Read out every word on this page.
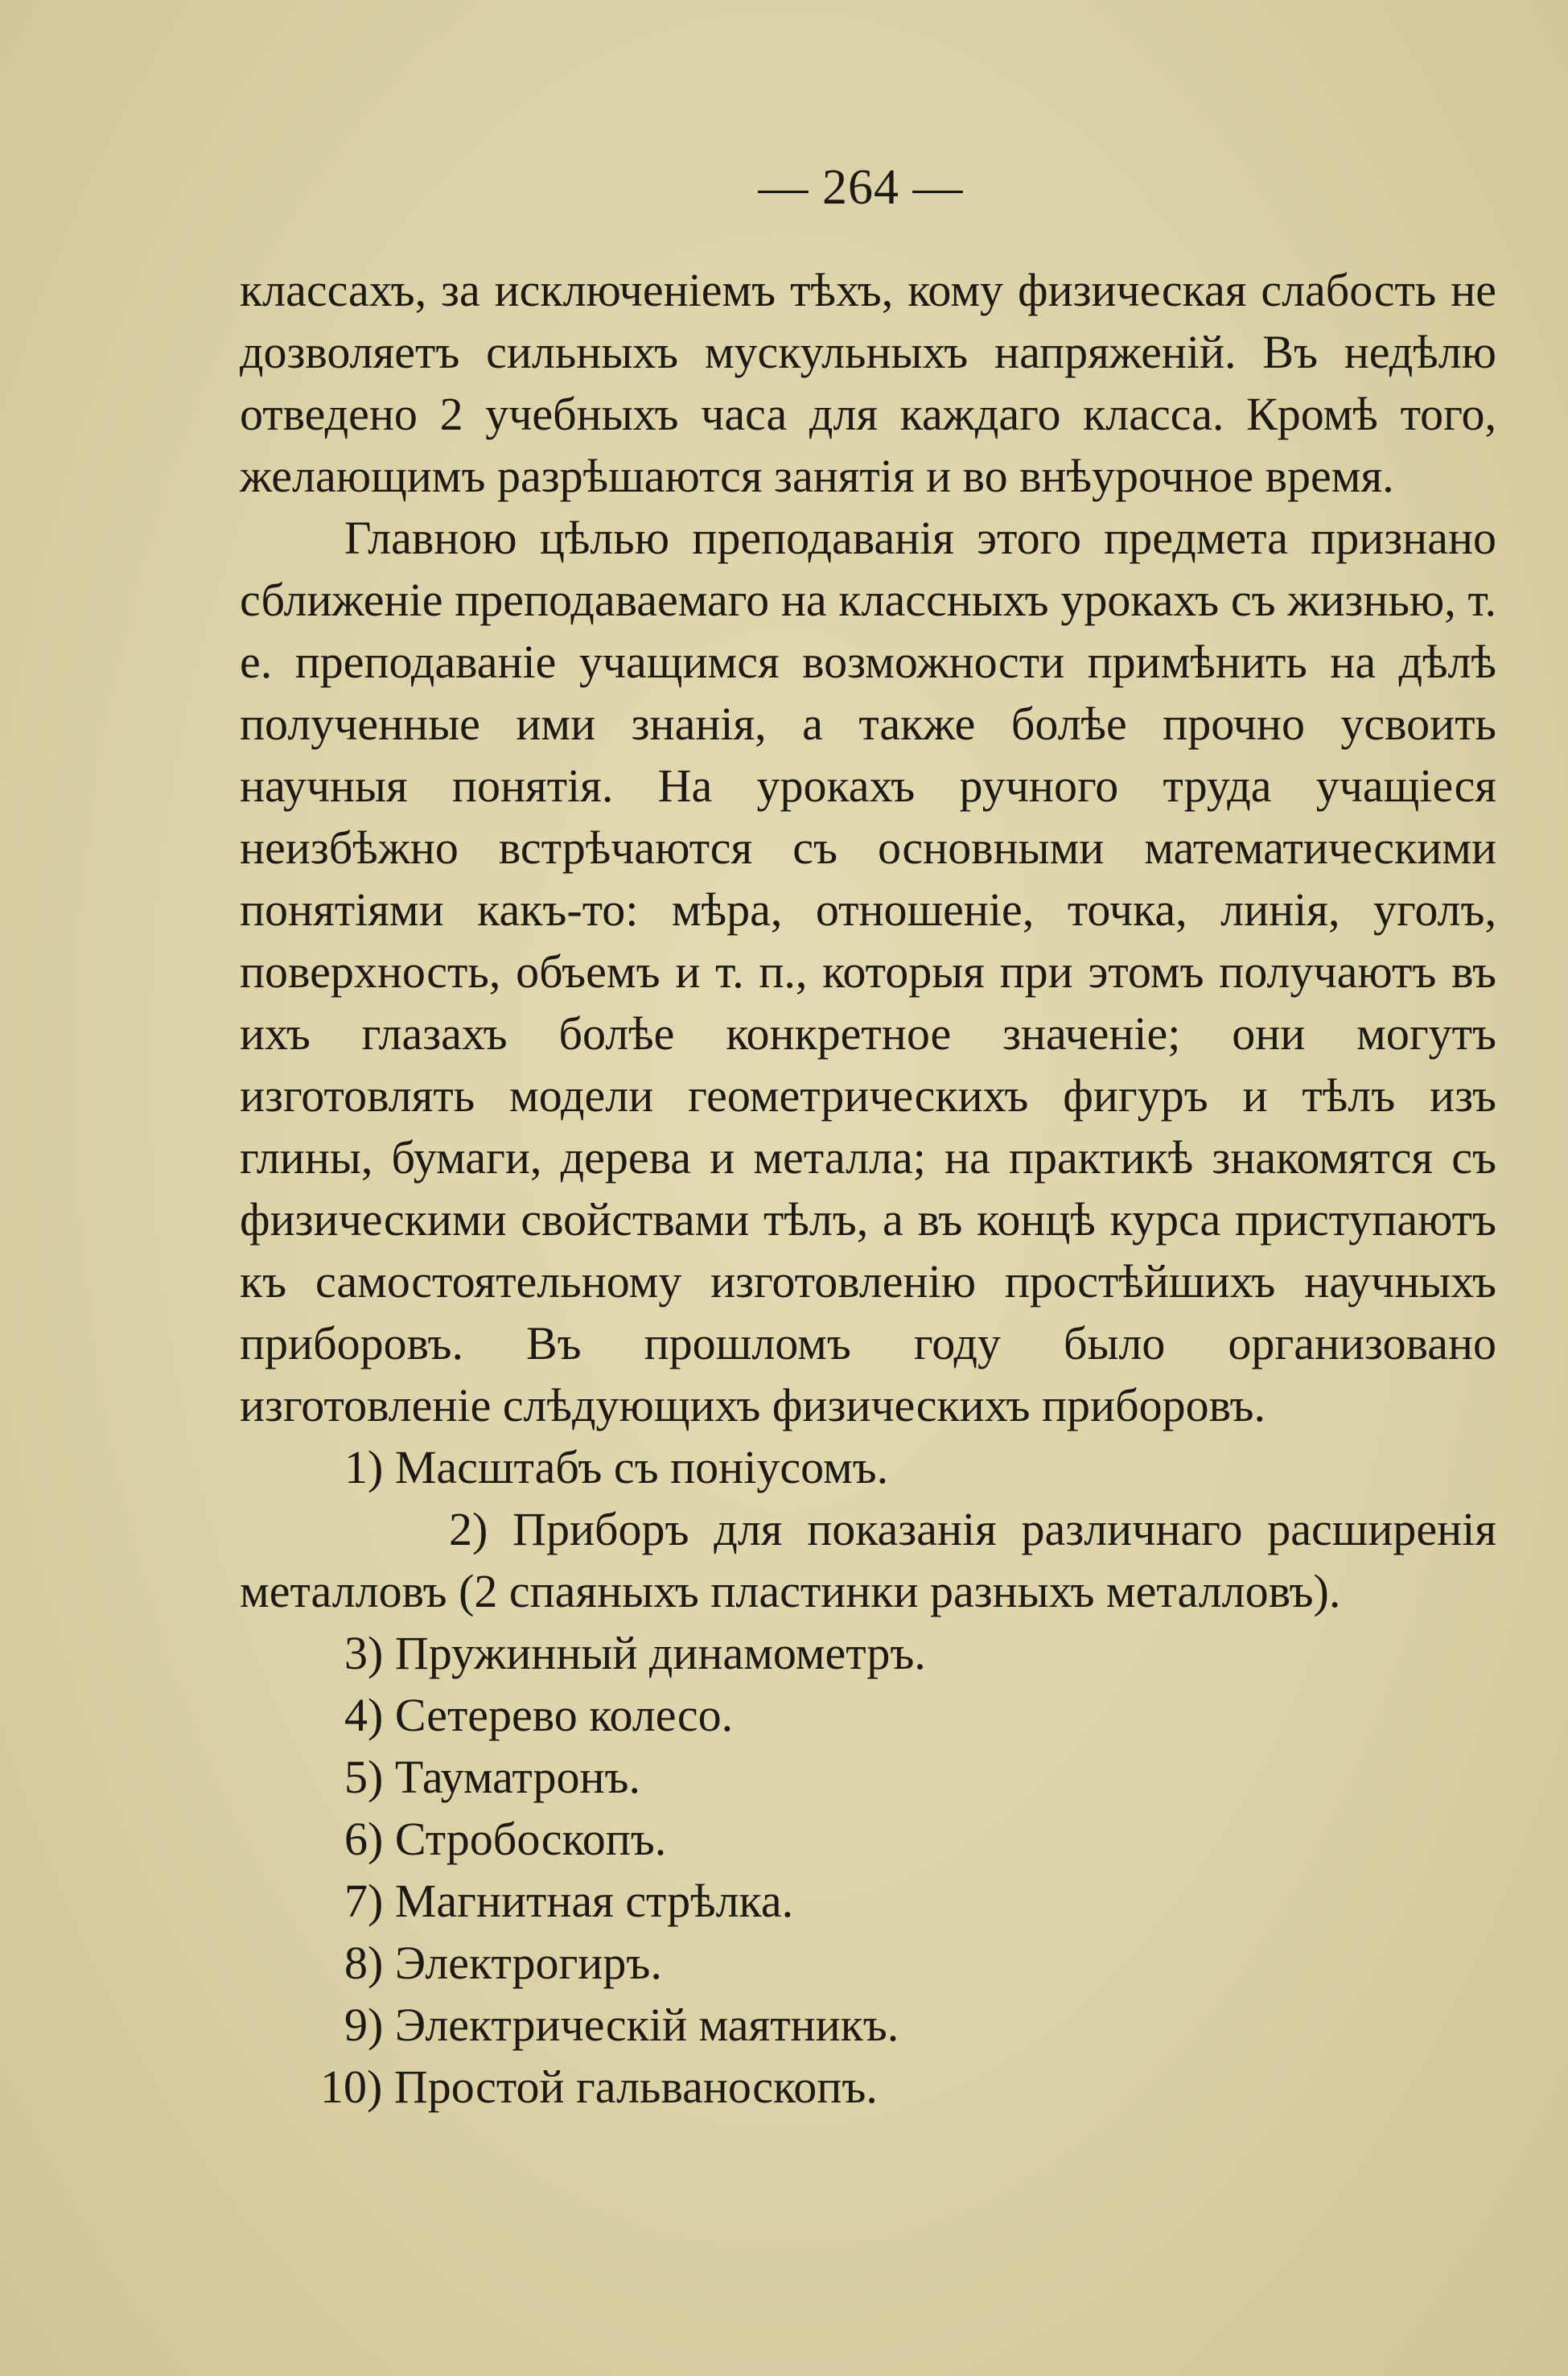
— 264 —

классахъ, за исключеніемъ тѣхъ, кому физическая слабость не дозволяетъ сильныхъ мускульныхъ напряженій. Въ недѣлю отведено 2 учебныхъ часа для каждаго класса. Кромѣ того, желающимъ разрѣшаются занятія и во внѣурочное время.

Главною цѣлью преподаванія этого предмета признано сближеніе преподаваемаго на классныхъ урокахъ съ жизнью, т. е. преподаваніе учащимся возможности примѣнить на дѣлѣ полученные ими знанія, а также болѣе прочно усвоить научныя понятія. На урокахъ ручного труда учащіеся неизбѣжно встрѣчаются съ основными математическими понятіями какъ-то: мѣра, отношеніе, точка, линія, уголъ, поверхность, объемъ и т. п., которыя при этомъ получаютъ въ ихъ глазахъ болѣе конкретное значеніе; они могутъ изготовлять модели геометрическихъ фигуръ и тѣлъ изъ глины, бумаги, дерева и металла; на практикѣ знакомятся съ физическими свойствами тѣлъ, а въ концѣ курса приступаютъ къ самостоятельному изготовленію простѣйшихъ научныхъ приборовъ. Въ прошломъ году было организовано изготовленіе слѣдующихъ физическихъ приборовъ.

1) Масштабъ съ поніусомъ.
2) Приборъ для показанія различнаго расширенія металловъ (2 спаяныхъ пластинки разныхъ металловъ).
3) Пружинный динамометръ.
4) Сетерево колесо.
5) Тауматронъ.
6) Стробоскопъ.
7) Магнитная стрѣлка.
8) Электрогиръ.
9) Электрическій маятникъ.
10) Простой гальваноскопъ.
